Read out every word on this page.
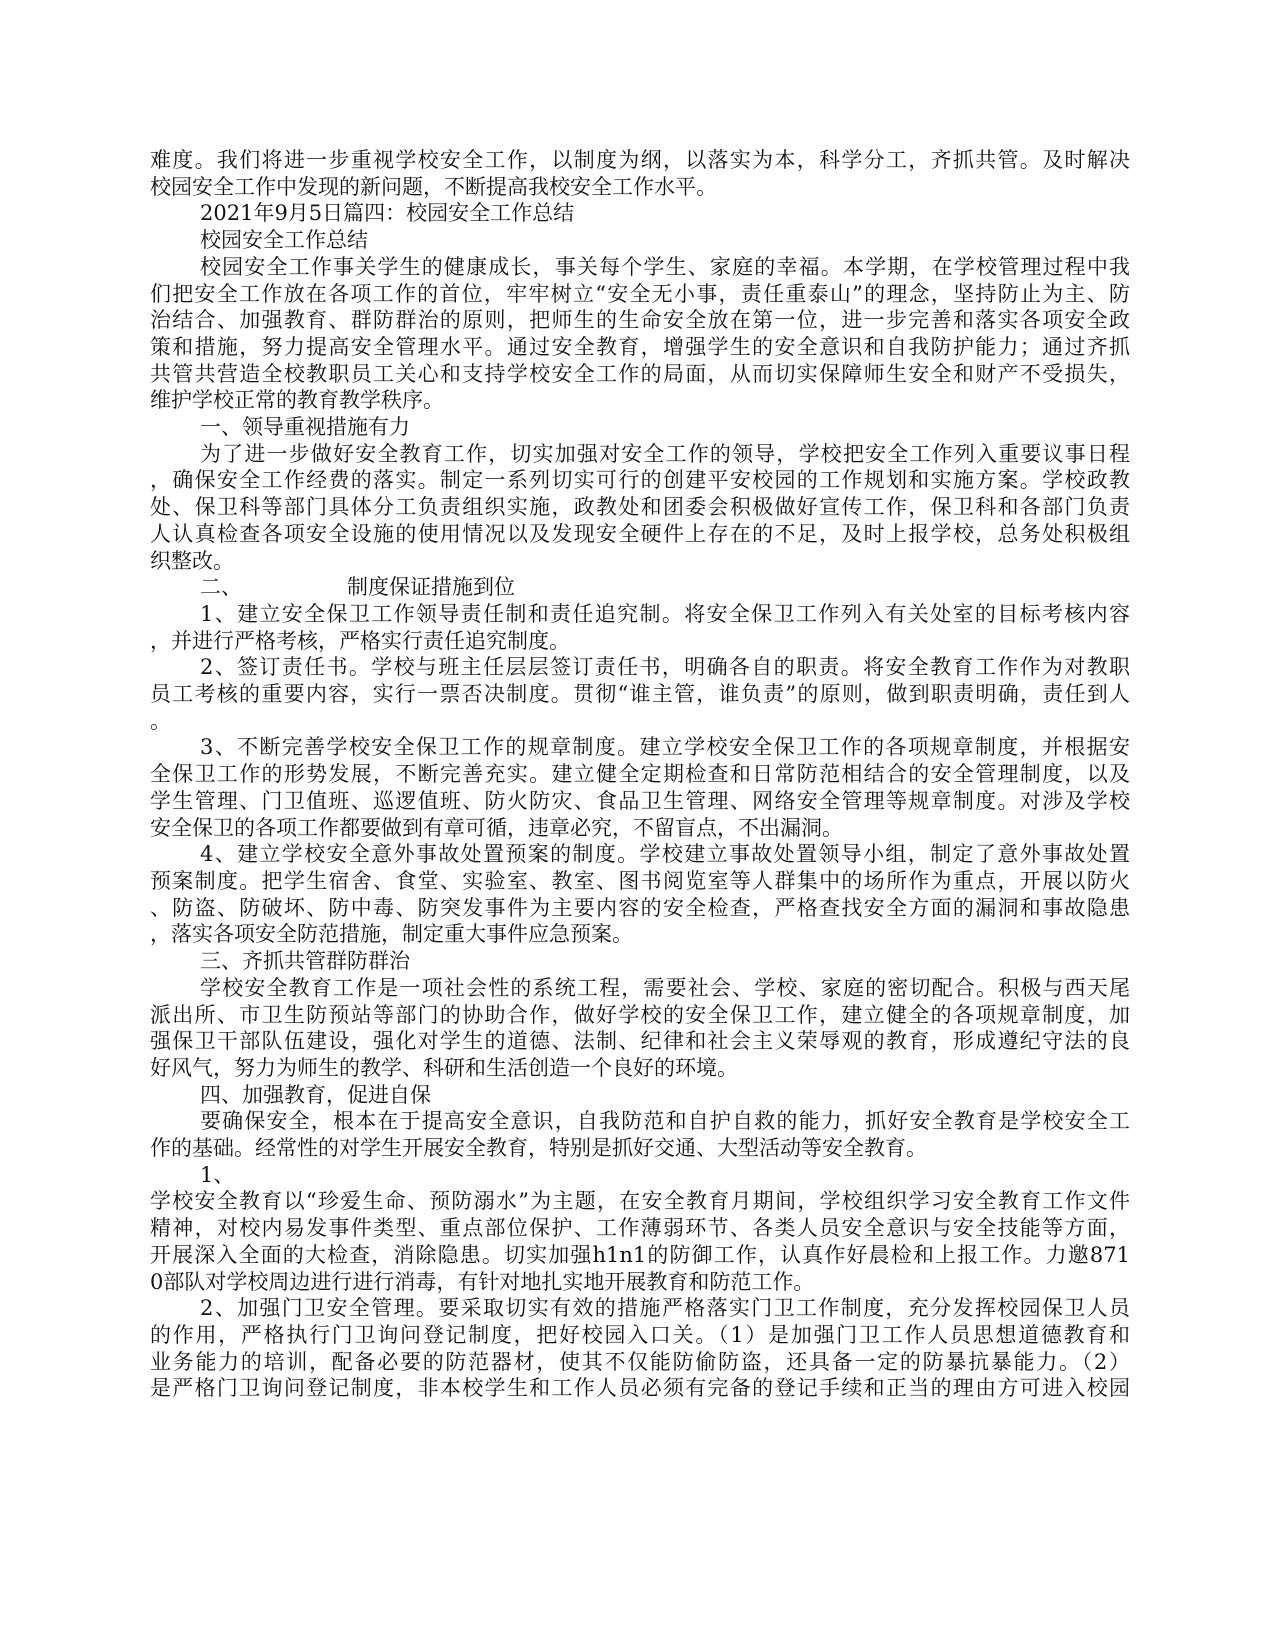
难度。我们将进一步重视学校安全工作，以制度为纲，以落实为本，科学分工，齐抓共管。及时解决
校园安全工作中发现的新问题，不断提高我校安全工作水平。
2021年9月5日篇四：校园安全工作总结
校园安全工作总结
校园安全工作事关学生的健康成长，事关每个学生、家庭的幸福。本学期，在学校管理过程中我
们把安全工作放在各项工作的首位，牢牢树立“安全无小事，责任重泰山”的理念，坚持防止为主、防
治结合、加强教育、群防群治的原则，把师生的生命安全放在第一位，进一步完善和落实各项安全政
策和措施，努力提高安全管理水平。通过安全教育，增强学生的安全意识和自我防护能力；通过齐抓
共管共营造全校教职员工关心和支持学校安全工作的局面，从而切实保障师生安全和财产不受损失，
维护学校正常的教育教学秩序。
一、领导重视措施有力
为了进一步做好安全教育工作，切实加强对安全工作的领导，学校把安全工作列入重要议事日程
，确保安全工作经费的落实。制定一系列切实可行的创建平安校园的工作规划和实施方案。学校政教
处、保卫科等部门具体分工负责组织实施，政教处和团委会积极做好宣传工作，保卫科和各部门负责
人认真检查各项安全设施的使用情况以及发现安全硬件上存在的不足，及时上报学校，总务处积极组
织整改。
二、	制度保证措施到位
1、建立安全保卫工作领导责任制和责任追究制。将安全保卫工作列入有关处室的目标考核内容
，并进行严格考核，严格实行责任追究制度。
2、签订责任书。学校与班主任层层签订责任书，明确各自的职责。将安全教育工作作为对教职
员工考核的重要内容，实行一票否决制度。贯彻“谁主管，谁负责”的原则，做到职责明确，责任到人
。
3、不断完善学校安全保卫工作的规章制度。建立学校安全保卫工作的各项规章制度，并根据安
全保卫工作的形势发展，不断完善充实。建立健全定期检查和日常防范相结合的安全管理制度，以及
学生管理、门卫值班、巡逻值班、防火防灾、食品卫生管理、网络安全管理等规章制度。对涉及学校
安全保卫的各项工作都要做到有章可循，违章必究，不留盲点，不出漏洞。
4、建立学校安全意外事故处置预案的制度。学校建立事故处置领导小组，制定了意外事故处置
预案制度。把学生宿舍、食堂、实验室、教室、图书阅览室等人群集中的场所作为重点，开展以防火
、防盗、防破坏、防中毒、防突发事件为主要内容的安全检查，严格查找安全方面的漏洞和事故隐患
，落实各项安全防范措施，制定重大事件应急预案。
三、齐抓共管群防群治
学校安全教育工作是一项社会性的系统工程，需要社会、学校、家庭的密切配合。积极与西天尾
派出所、市卫生防预站等部门的协助合作，做好学校的安全保卫工作，建立健全的各项规章制度，加
强保卫干部队伍建设，强化对学生的道德、法制、纪律和社会主义荣辱观的教育，形成遵纪守法的良
好风气，努力为师生的教学、科研和生活创造一个良好的环境。
四、加强教育，促进自保
要确保安全，根本在于提高安全意识，自我防范和自护自救的能力，抓好安全教育是学校安全工
作的基础。经常性的对学生开展安全教育，特别是抓好交通、大型活动等安全教育。
1、
学校安全教育以“珍爱生命、预防溺水”为主题，在安全教育月期间，学校组织学习安全教育工作文件
精神，对校内易发事件类型、重点部位保护、工作薄弱环节、各类人员安全意识与安全技能等方面，
开展深入全面的大检查，消除隐患。切实加强h1n1的防御工作，认真作好晨检和上报工作。力邀871
0部队对学校周边进行进行消毒，有针对地扎实地开展教育和防范工作。
2、加强门卫安全管理。要采取切实有效的措施严格落实门卫工作制度，充分发挥校园保卫人员
的作用，严格执行门卫询问登记制度，把好校园入口关。（1）是加强门卫工作人员思想道德教育和
业务能力的培训，配备必要的防范器材，使其不仅能防偷防盗，还具备一定的防暴抗暴能力。（2）
是严格门卫询问登记制度，非本校学生和工作人员必须有完备的登记手续和正当的理由方可进入校园
